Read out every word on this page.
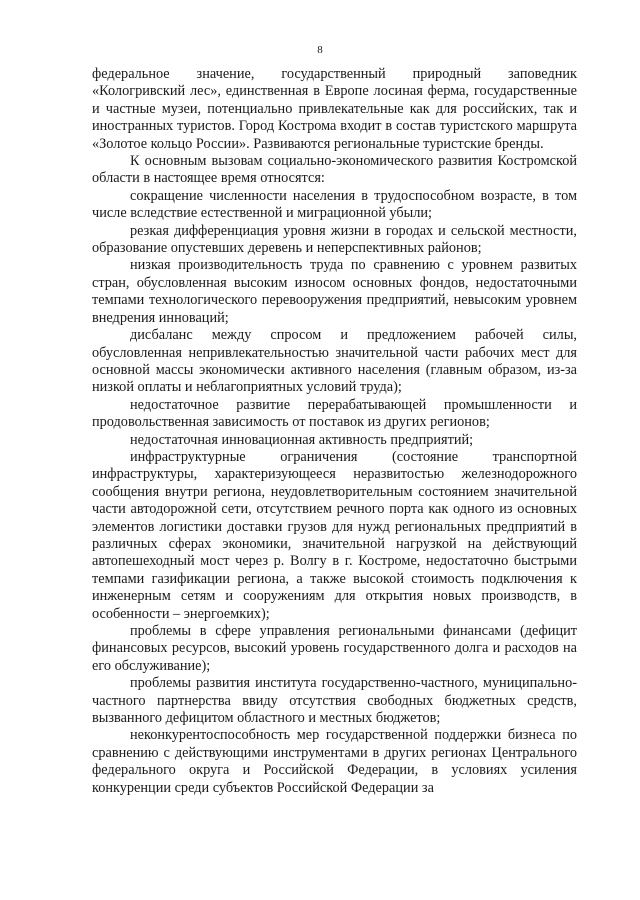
8

федеральное значение, государственный природный заповедник «Кологривский лес», единственная в Европе лосиная ферма, государственные и частные музеи, потенциально привлекательные как для российских, так и иностранных туристов. Город Кострома входит в состав туристского маршрута «Золотое кольцо России». Развиваются региональные туристские бренды.

К основным вызовам социально-экономического развития Костромской области в настоящее время относятся:

сокращение численности населения в трудоспособном возрасте, в том числе вследствие естественной и миграционной убыли;

резкая дифференциация уровня жизни в городах и сельской местности, образование опустевших деревень и неперспективных районов;

низкая производительность труда по сравнению с уровнем развитых стран, обусловленная высоким износом основных фондов, недостаточными темпами технологического перевооружения предприятий, невысоким уровнем внедрения инноваций;

дисбаланс между спросом и предложением рабочей силы, обусловленная непривлекательностью значительной части рабочих мест для основной массы экономически активного населения (главным образом, из-за низкой оплаты и неблагоприятных условий труда);

недостаточное развитие перерабатывающей промышленности и продовольственная зависимость от поставок из других регионов;

недостаточная инновационная активность предприятий;

инфраструктурные ограничения (состояние транспортной инфраструктуры, характеризующееся неразвитостью железнодорожного сообщения внутри региона, неудовлетворительным состоянием значительной части автодорожной сети, отсутствием речного порта как одного из основных элементов логистики доставки грузов для нужд региональных предприятий в различных сферах экономики, значительной нагрузкой на действующий автопешеходный мост через р. Волгу в г. Костроме, недостаточно быстрыми темпами газификации региона, а также высокой стоимость подключения к инженерным сетям и сооружениям для открытия новых производств, в особенности – энергоемких);

проблемы в сфере управления региональными финансами (дефицит финансовых ресурсов, высокий уровень государственного долга и расходов на его обслуживание);

проблемы развития института государственно-частного, муниципально-частного партнерства ввиду отсутствия свободных бюджетных средств, вызванного дефицитом областного и местных бюджетов;

неконкурентоспособность мер государственной поддержки бизнеса по сравнению с действующими инструментами в других регионах Центрального федерального округа и Российской Федерации, в условиях усиления конкуренции среди субъектов Российской Федерации за
